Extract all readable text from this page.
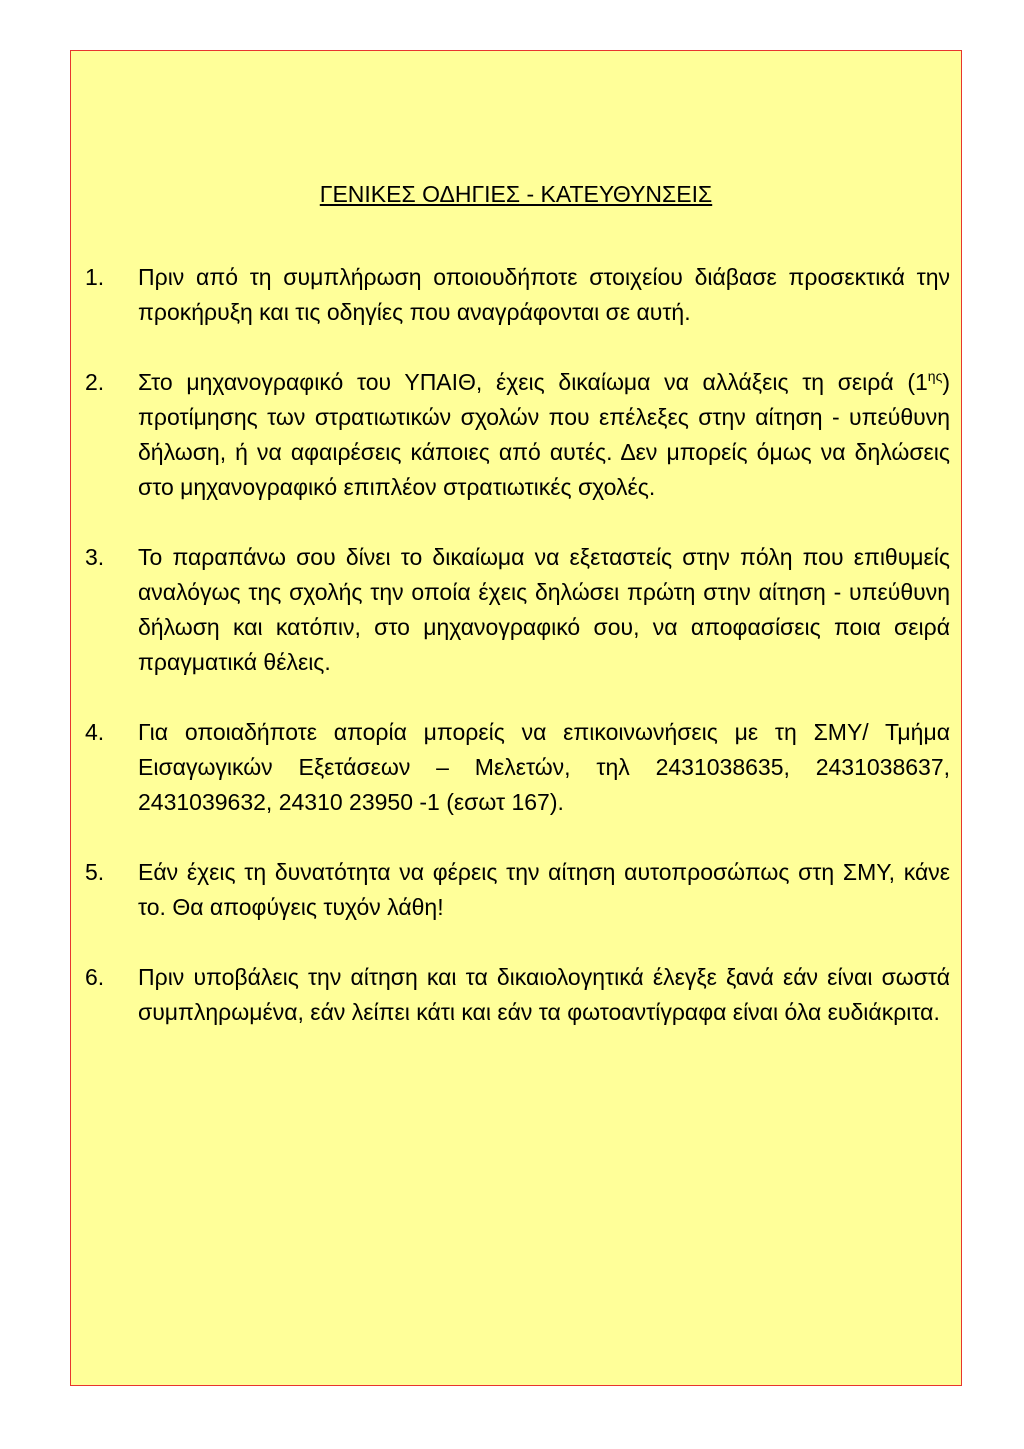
ΓΕΝΙΚΕΣ ΟΔΗΓΙΕΣ - ΚΑΤΕΥΘΥΝΣΕΙΣ
1. Πριν από τη συμπλήρωση οποιουδήποτε στοιχείου διάβασε προσεκτικά την προκήρυξη και τις οδηγίες που αναγράφονται σε αυτή.
2. Στο μηχανογραφικό του ΥΠΑΙΘ, έχεις δικαίωμα να αλλάξεις τη σειρά $(1^{\eta\varsigma})$ προτίμησης των στρατιωτικών σχολών που επέλεξες στην αίτηση - υπεύθυνη δήλωση, ή να αφαιρέσεις κάποιες από αυτές. Δεν μπορείς όμως να δηλώσεις στο μηχανογραφικό επιπλέον στρατιωτικές σχολές.
3. Το παραπάνω σου δίνει το δικαίωμα να εξεταστείς στην πόλη που επιθυμείς αναλόγως της σχολής την οποία έχεις δηλώσει πρώτη στην αίτηση - υπεύθυνη δήλωση και κατόπιν, στο μηχανογραφικό σου, να αποφασίσεις ποια σειρά πραγματικά θέλεις.
4. Για οποιαδήποτε απορία μπορείς να επικοινωνήσεις με τη ΣΜΥ/ Τμήμα Εισαγωγικών Εξετάσεων – Μελετών, τηλ 2431038635, 2431038637, 2431039632, 24310 23950 -1 (εσωτ 167).
5. Εάν έχεις τη δυνατότητα να φέρεις την αίτηση αυτοπροσώπως στη ΣΜΥ, κάνε το. Θα αποφύγεις τυχόν λάθη!
6. Πριν υποβάλεις την αίτηση και τα δικαιολογητικά έλεγξε ξανά εάν είναι σωστά συμπληρωμένα, εάν λείπει κάτι και εάν τα φωτοαντίγραφα είναι όλα ευδιάκριτα.
